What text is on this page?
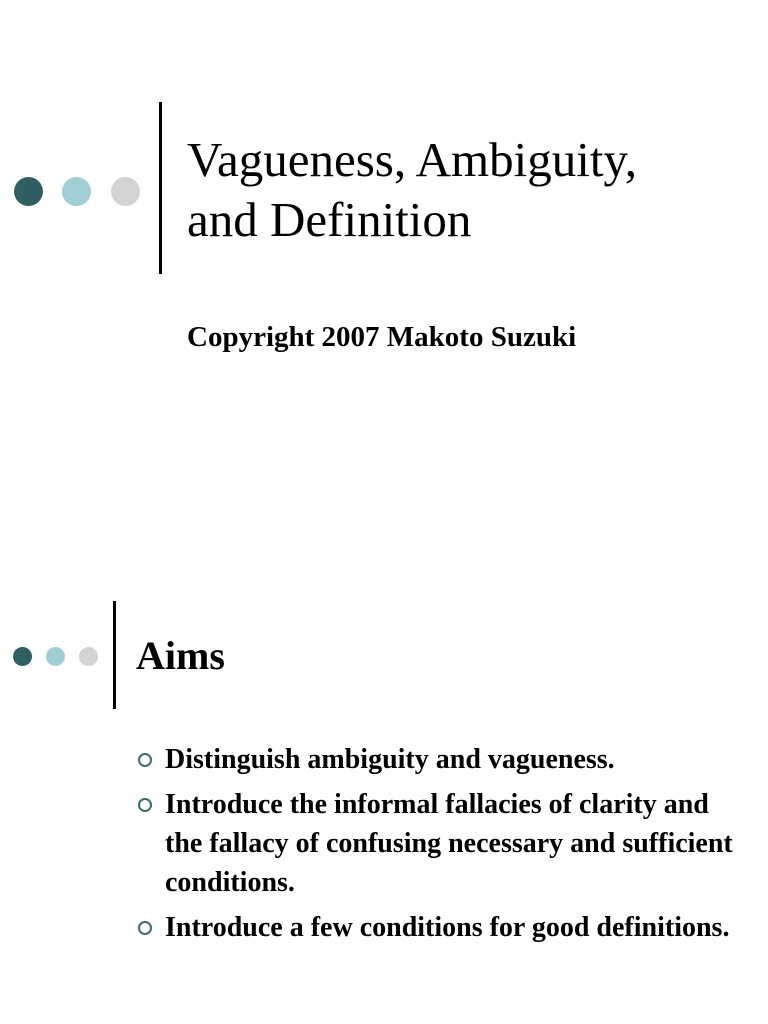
Vagueness, Ambiguity,
and Definition

Copyright 2007 Makoto Suzuki

Aims
Distinguish ambiguity and vagueness.
Introduce the informal fallacies of clarity and the fallacy of confusing necessary and sufficient conditions.
Introduce a few conditions for good definitions.
